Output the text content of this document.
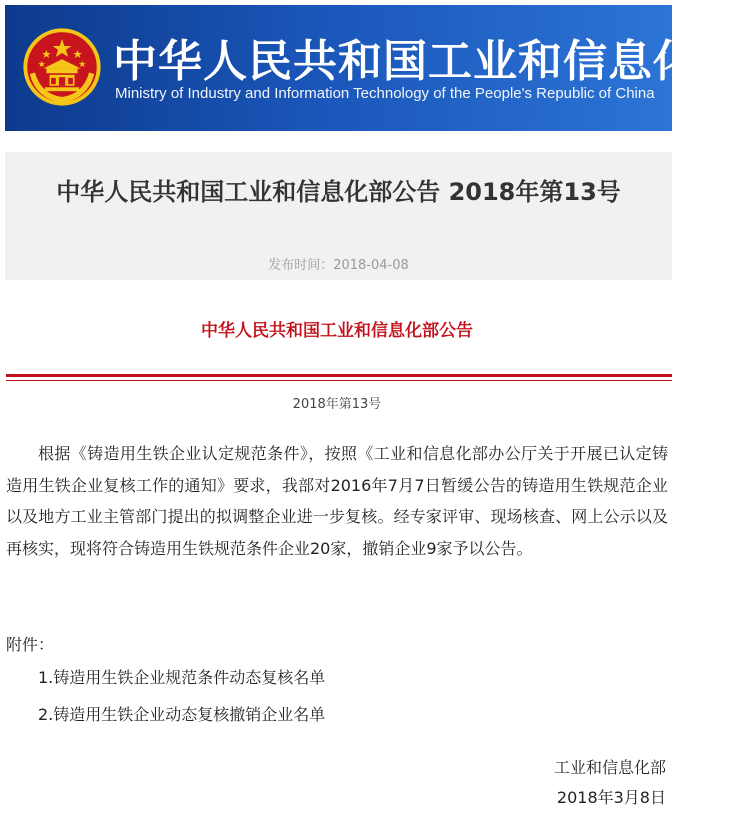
中华人民共和国工业和信息化部
Ministry of Industry and Information Technology of the People's Republic of China
中华人民共和国工业和信息化部公告 2018年第13号
发布时间：2018-04-08
中华人民共和国工业和信息化部公告
2018年第13号

根据《铸造用生铁企业认定规范条件》，按照《工业和信息化部办公厅关于开展已认定铸造用生铁企业复核工作的通知》要求，我部对2016年7月7日暂缓公告的铸造用生铁规范企业以及地方工业主管部门提出的拟调整企业进一步复核。经专家评审、现场核查、网上公示以及再核实，现将符合铸造用生铁规范条件企业20家，撤销企业9家予以公告。

附件：
1.铸造用生铁企业规范条件动态复核名单
2.铸造用生铁企业动态复核撤销企业名单
工业和信息化部
2018年3月8日
